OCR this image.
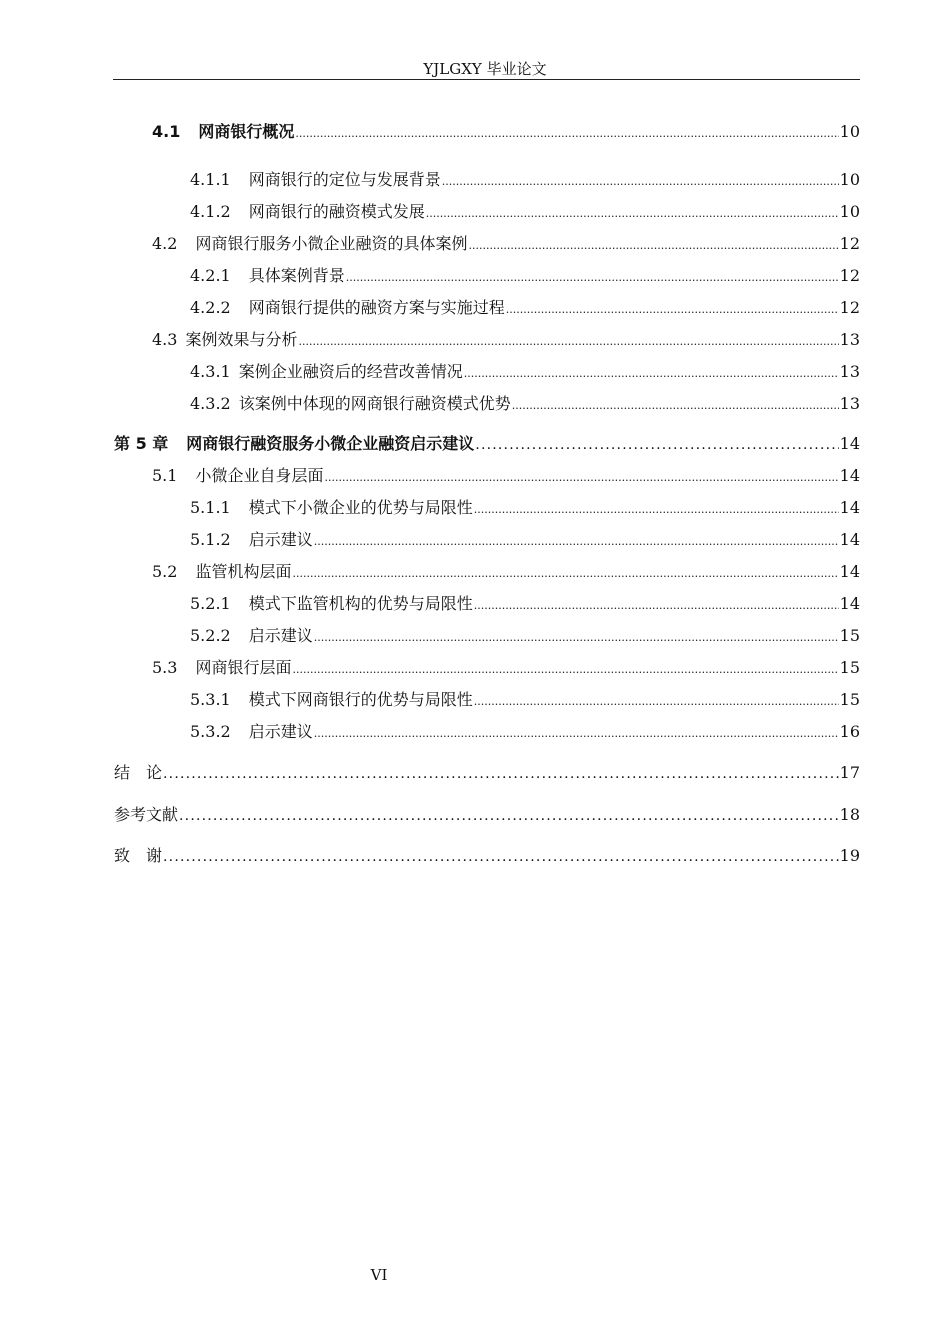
YJLGXY 毕业论文
4.1 网商银行概况 .....	10
4.1.1 网商银行的定位与发展背景 .....	10
4.1.2 网商银行的融资模式发展 .....	10
4.2 网商银行服务小微企业融资的具体案例 .....	12
4.2.1 具体案例背景 .....	12
4.2.2 网商银行提供的融资方案与实施过程 .....	12
4.3 案例效果与分析 .....	13
4.3.1 案例企业融资后的经营改善情况 .....	13
4.3.2 该案例中体现的网商银行融资模式优势 .....	13
第 5 章 网商银行融资服务小微企业融资启示建议 .....	14
5.1 小微企业自身层面 .....	14
5.1.1 模式下小微企业的优势与局限性 .....	14
5.1.2 启示建议 .....	14
5.2 监管机构层面 .....	14
5.2.1 模式下监管机构的优势与局限性 .....	14
5.2.2 启示建议 .....	15
5.3 网商银行层面 .....	15
5.3.1 模式下网商银行的优势与局限性 .....	15
5.3.2 启示建议 .....	16
结　论 .....	17
参考文献 .....	18
致　谢 .....	19
VI
